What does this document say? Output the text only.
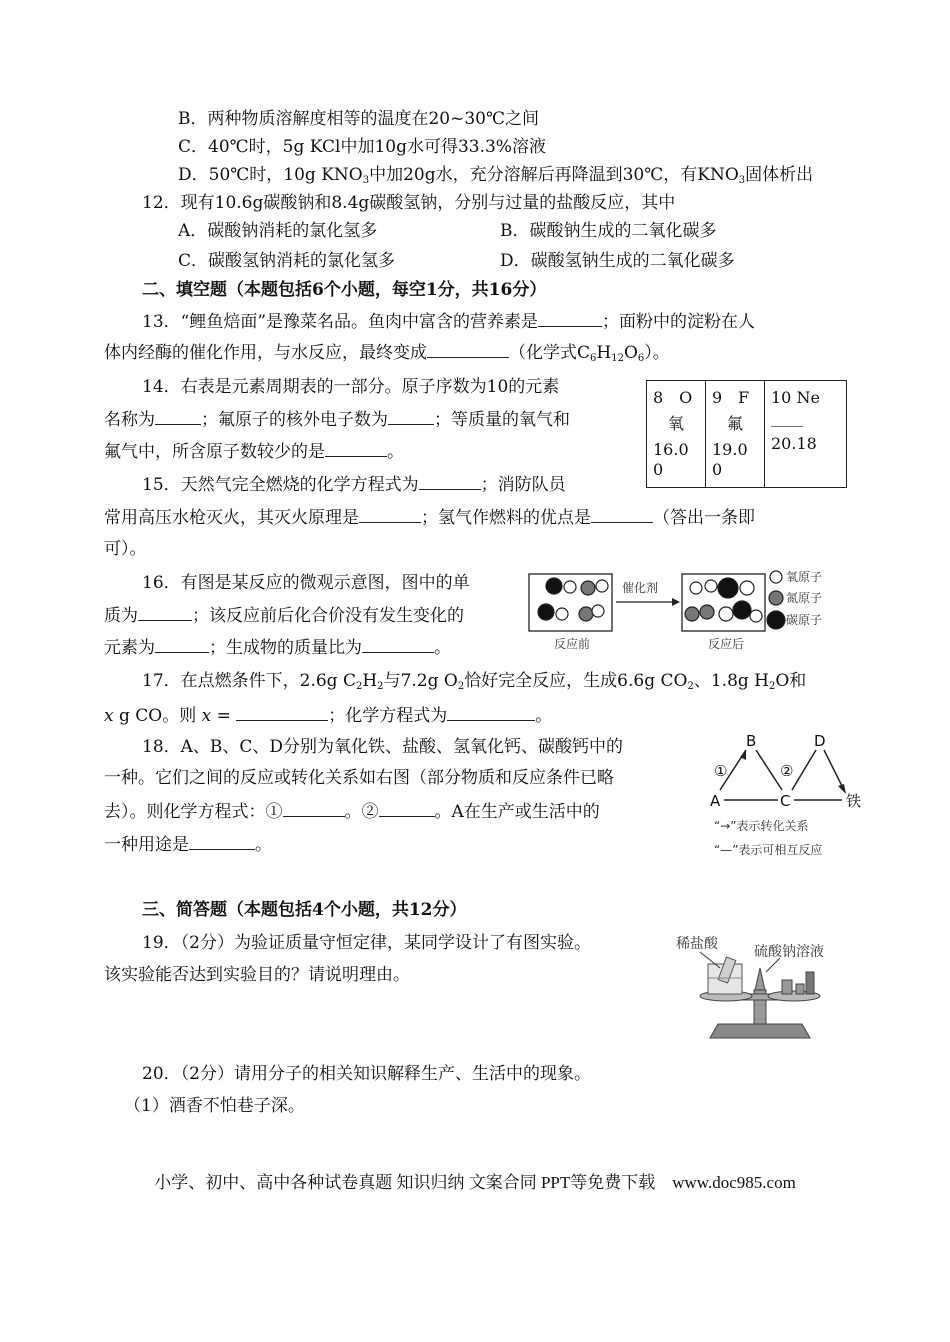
B．两种物质溶解度相等的温度在20~30℃之间
C．40℃时，5g KCl中加10g水可得33.3%溶液
D．50℃时，10g $KNO_3$中加20g水，充分溶解后再降温到30℃，有$KNO_3$固体析出
12．现有10.6g碳酸钠和8.4g碳酸氢钠，分别与过量的盐酸反应，其中
A．碳酸钠消耗的氯化氢多	B．碳酸钠生成的二氧化碳多
C．碳酸氢钠消耗的氯化氢多	D．碳酸氢钠生成的二氧化碳多
二、填空题（本题包括6个小题，每空1分，共16分）
13．“鲤鱼焙面”是豫菜名品。鱼肉中富含的营养素是	；面粉中的淀粉在人
体内经酶的催化作用，与水反应，最终变成	（化学式$C_6H_{12}O_6$）。
14．右表是元素周期表的一部分。原子序数为10的元素
名称为	；氟原子的核外电子数为	；等质量的氧气和
氟气中，所含原子数较少的是	。
8　O
氧
16.0
0

9　F
氟
19.0
0

10 Ne
____
20.18
15．天然气完全燃烧的化学方程式为	；消防队员
常用高压水枪灭火，其灭火原理是	；氢气作燃料的优点是	（答出一条即
可）。
16．有图是某反应的微观示意图，图中的单
质为	；该反应前后化合价没有发生变化的
元素为	；生成物的质量比为	。
催化剂
反应前	反应后
氧原子
氮原子
碳原子
17．在点燃条件下，2.6g $C_2H_2$与7.2g $O_2$恰好完全反应，生成6.6g $CO_2$、1.8g $H_2O$和
x g CO。则 x =	；化学方程式为	。
18．A、B、C、D分别为氧化铁、盐酸、氢氧化钙、碳酸钙中的
一种。它们之间的反应或转化关系如右图（部分物质和反应条件已略
去）。则化学方程式：①	。②	。A在生产或生活中的
一种用途是	。
B	D
A	C	铁
①	②
“→”表示转化关系
“—”表示可相互反应
三、简答题（本题包括4个小题，共12分）
19．（2分）为验证质量守恒定律，某同学设计了有图实验。
该实验能否达到实验目的？请说明理由。
稀盐酸	硫酸钠溶液
20．（2分）请用分子的相关知识解释生产、生活中的现象。
（1）酒香不怕巷子深。
小学、初中、高中各种试卷真题 知识归纳 文案合同 PPT等免费下载　www.doc985.com
